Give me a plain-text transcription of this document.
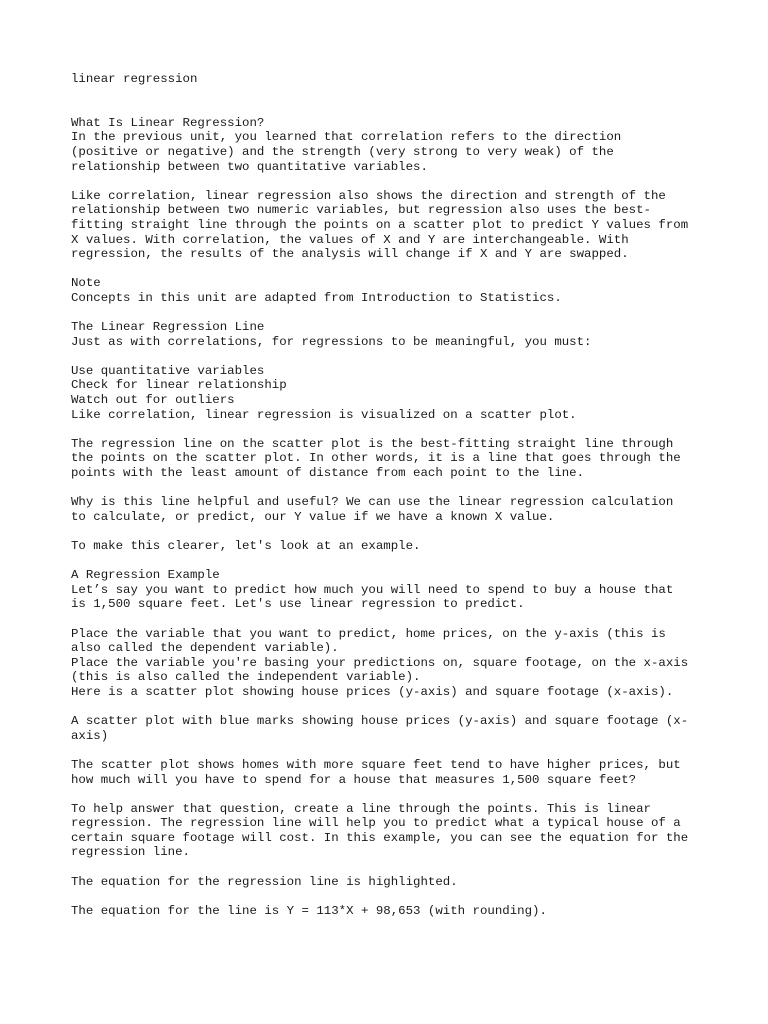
linear regression
What Is Linear Regression?
In the previous unit, you learned that correlation refers to the direction
(positive or negative) and the strength (very strong to very weak) of the
relationship between two quantitative variables.
Like correlation, linear regression also shows the direction and strength of the
relationship between two numeric variables, but regression also uses the best-
fitting straight line through the points on a scatter plot to predict Y values from
X values. With correlation, the values of X and Y are interchangeable. With
regression, the results of the analysis will change if X and Y are swapped.
Note
Concepts in this unit are adapted from Introduction to Statistics.
The Linear Regression Line
Just as with correlations, for regressions to be meaningful, you must:
Use quantitative variables
Check for linear relationship
Watch out for outliers
Like correlation, linear regression is visualized on a scatter plot.
The regression line on the scatter plot is the best-fitting straight line through
the points on the scatter plot. In other words, it is a line that goes through the
points with the least amount of distance from each point to the line.
Why is this line helpful and useful? We can use the linear regression calculation
to calculate, or predict, our Y value if we have a known X value.
To make this clearer, let's look at an example.
A Regression Example
Let’s say you want to predict how much you will need to spend to buy a house that
is 1,500 square feet. Let's use linear regression to predict.
Place the variable that you want to predict, home prices, on the y-axis (this is
also called the dependent variable).
Place the variable you're basing your predictions on, square footage, on the x-axis
(this is also called the independent variable).
Here is a scatter plot showing house prices (y-axis) and square footage (x-axis).
A scatter plot with blue marks showing house prices (y-axis) and square footage (x-
axis)
The scatter plot shows homes with more square feet tend to have higher prices, but
how much will you have to spend for a house that measures 1,500 square feet?
To help answer that question, create a line through the points. This is linear
regression. The regression line will help you to predict what a typical house of a
certain square footage will cost. In this example, you can see the equation for the
regression line.
The equation for the regression line is highlighted.
The equation for the line is Y = 113*X + 98,653 (with rounding).
